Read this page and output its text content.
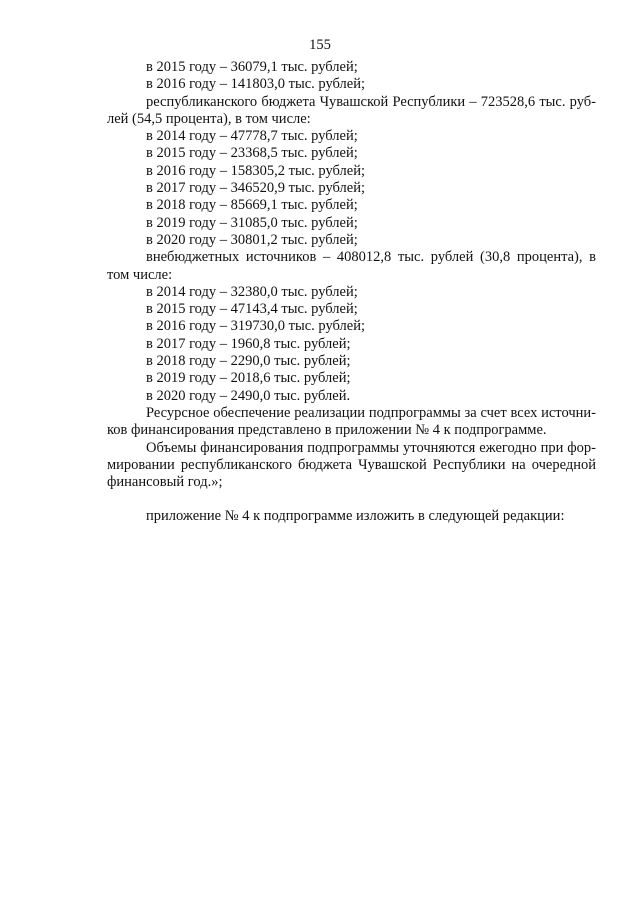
155
в 2015 году – 36079,1 тыс. рублей;
в 2016 году – 141803,0 тыс. рублей;
республиканского бюджета Чувашской Республики – 723528,6 тыс. рублей (54,5 процента), в том числе:
в 2014 году – 47778,7 тыс. рублей;
в 2015 году – 23368,5 тыс. рублей;
в 2016 году – 158305,2 тыс. рублей;
в 2017 году – 346520,9 тыс. рублей;
в 2018 году – 85669,1 тыс. рублей;
в 2019 году – 31085,0 тыс. рублей;
в 2020 году – 30801,2 тыс. рублей;
внебюджетных источников – 408012,8 тыс. рублей (30,8 процента), в том числе:
в 2014 году – 32380,0 тыс. рублей;
в 2015 году – 47143,4 тыс. рублей;
в 2016 году – 319730,0 тыс. рублей;
в 2017 году – 1960,8 тыс. рублей;
в 2018 году – 2290,0 тыс. рублей;
в 2019 году – 2018,6 тыс. рублей;
в 2020 году – 2490,0 тыс. рублей.
Ресурсное обеспечение реализации подпрограммы за счет всех источников финансирования представлено в приложении № 4 к подпрограмме.
Объемы финансирования подпрограммы уточняются ежегодно при формировании республиканского бюджета Чувашской Республики на очередной финансовый год.»;
приложение № 4 к подпрограмме изложить в следующей редакции:
